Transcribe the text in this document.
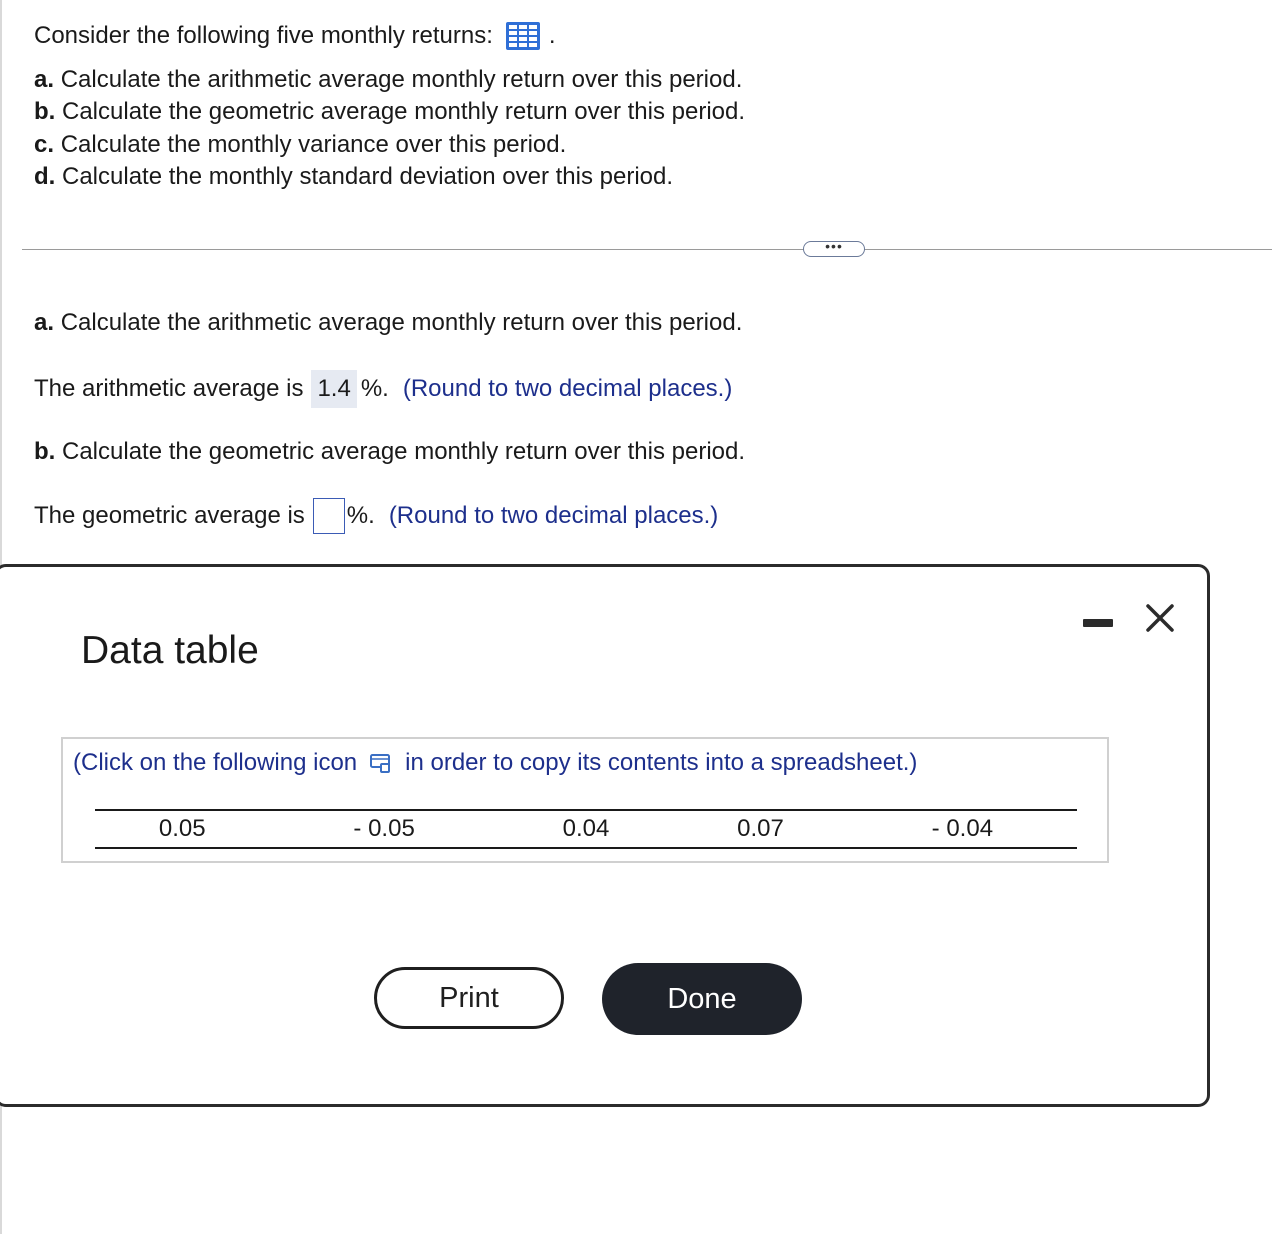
Consider the following five monthly returns: .
a. Calculate the arithmetic average monthly return over this period.
b. Calculate the geometric average monthly return over this period.
c. Calculate the monthly variance over this period.
d. Calculate the monthly standard deviation over this period.
•••
a. Calculate the arithmetic average monthly return over this period.
The arithmetic average is 1.4 %. (Round to two decimal places.)
b. Calculate the geometric average monthly return over this period.
The geometric average is %. (Round to two decimal places.)
Data table
(Click on the following icon in order to copy its contents into a spreadsheet.)
0.05	- 0.05	0.04	0.07	- 0.04
Print	Done
